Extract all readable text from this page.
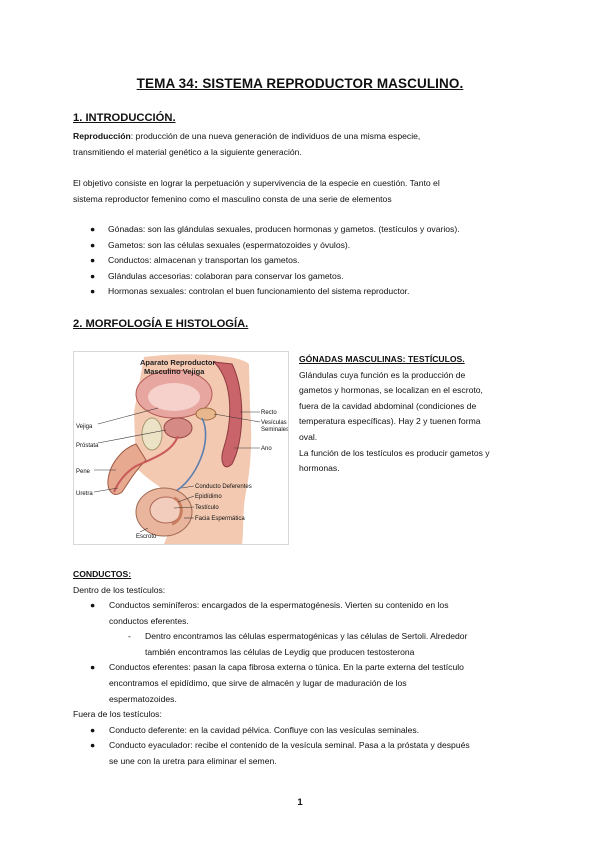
TEMA 34: SISTEMA REPRODUCTOR MASCULINO.
1. INTRODUCCIÓN.
Reproducción: producción de una nueva generación de individuos de una misma especie,
transmitiendo el material genético a la siguiente generación.
El objetivo consiste en lograr la perpetuación y supervivencia de la especie en cuestión. Tanto el
sistema reproductor femenino como el masculino consta de una serie de elementos
● Gónadas: son las glándulas sexuales, producen hormonas y gametos. (testículos y ovarios).
● Gametos: son las células sexuales (espermatozoides y óvulos).
● Conductos: almacenan y transportan los gametos.
● Glándulas accesorias: colaboran para conservar los gametos.
● Hormonas sexuales: controlan el buen funcionamiento del sistema reproductor.
2. MORFOLOGÍA E HISTOLOGÍA.
Aparato Reproductor
Masculino Vejiga
Vejiga
Próstata
Pene
Uretra
Recto
Vesículas
Seminales
Ano
Conducto Deferentes
Epidídimo
Testículo
Facia Espermática
Escroto
GÓNADAS MASCULINAS: TESTÍCULOS.
Glándulas cuya función es la producción de
gametos y hormonas, se localizan en el escroto,
fuera de la cavidad abdominal (condiciones de
temperatura específicas). Hay 2 y tuenen forma
oval.
La función de los testículos es producir gametos y
hormonas.
CONDUCTOS:
Dentro de los testículos:
● Conductos seminíferos: encargados de la espermatogénesis. Vierten su contenido en los
conductos eferentes.
- Dentro encontramos las células espermatogénicas y las células de Sertoli. Alrededor
también encontramos las células de Leydig que producen testosterona
● Conductos eferentes: pasan la capa fibrosa externa o túnica. En la parte externa del testículo
encontramos el epidídimo, que sirve de almacén y lugar de maduración de los
espermatozoides.
Fuera de los testículos:
● Conducto deferente: en la cavidad pélvica. Confluye con las vesículas seminales.
● Conducto eyaculador: recibe el contenido de la vesícula seminal. Pasa a la próstata y después
se une con la uretra para eliminar el semen.
1
